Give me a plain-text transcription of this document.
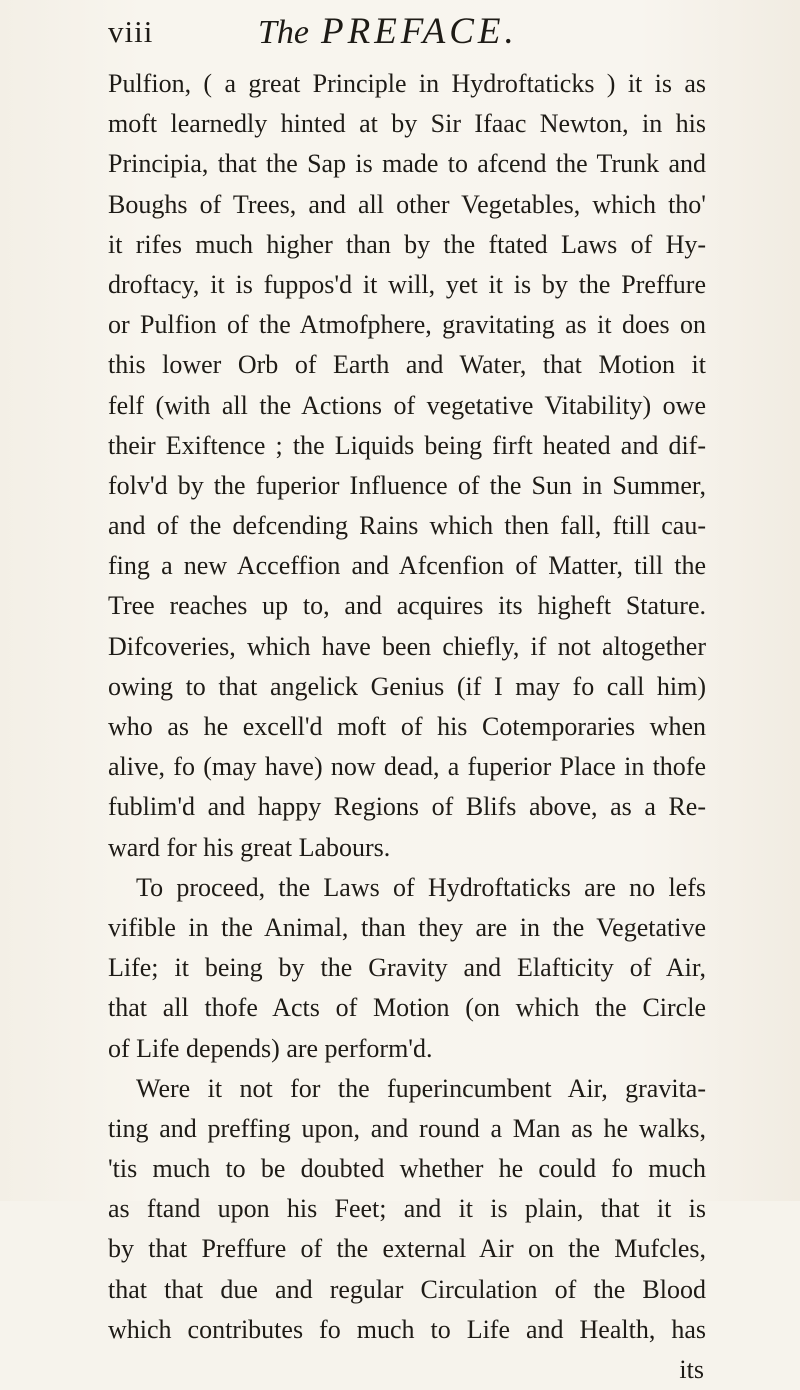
viii	The PREFACE.
Pulfion, ( a great Principle in Hydroftaticks ) it is as
moft learnedly hinted at by Sir Ifaac Newton, in his
Principia, that the Sap is made to afcend the Trunk and
Boughs of Trees, and all other Vegetables, which tho'
it rifes much higher than by the ftated Laws of Hy-
droftacy, it is fuppos'd it will, yet it is by the Preffure
or Pulfion of the Atmofphere, gravitating as it does on
this lower Orb of Earth and Water, that Motion it
felf (with all the Actions of vegetative Vitability) owe
their Exiftence ; the Liquids being firft heated and dif-
folv'd by the fuperior Influence of the Sun in Summer,
and of the defcending Rains which then fall, ftill cau-
fing a new Acceffion and Afcenfion of Matter, till the
Tree reaches up to, and acquires its higheft Stature.
Difcoveries, which have been chiefly, if not altogether
owing to that angelick Genius (if I may fo call him)
who as he excell'd moft of his Cotemporaries when
alive, fo (may have) now dead, a fuperior Place in thofe
fublim'd and happy Regions of Blifs above, as a Re-
ward for his great Labours.
To proceed, the Laws of Hydroftaticks are no lefs
vifible in the Animal, than they are in the Vegetative
Life; it being by the Gravity and Elafticity of Air,
that all thofe Acts of Motion (on which the Circle
of Life depends) are perform'd.
Were it not for the fuperincumbent Air, gravita-
ting and preffing upon, and round a Man as he walks,
'tis much to be doubted whether he could fo much
as ftand upon his Feet; and it is plain, that it is
by that Preffure of the external Air on the Mufcles,
that that due and regular Circulation of the Blood
which contributes fo much to Life and Health, has
its
